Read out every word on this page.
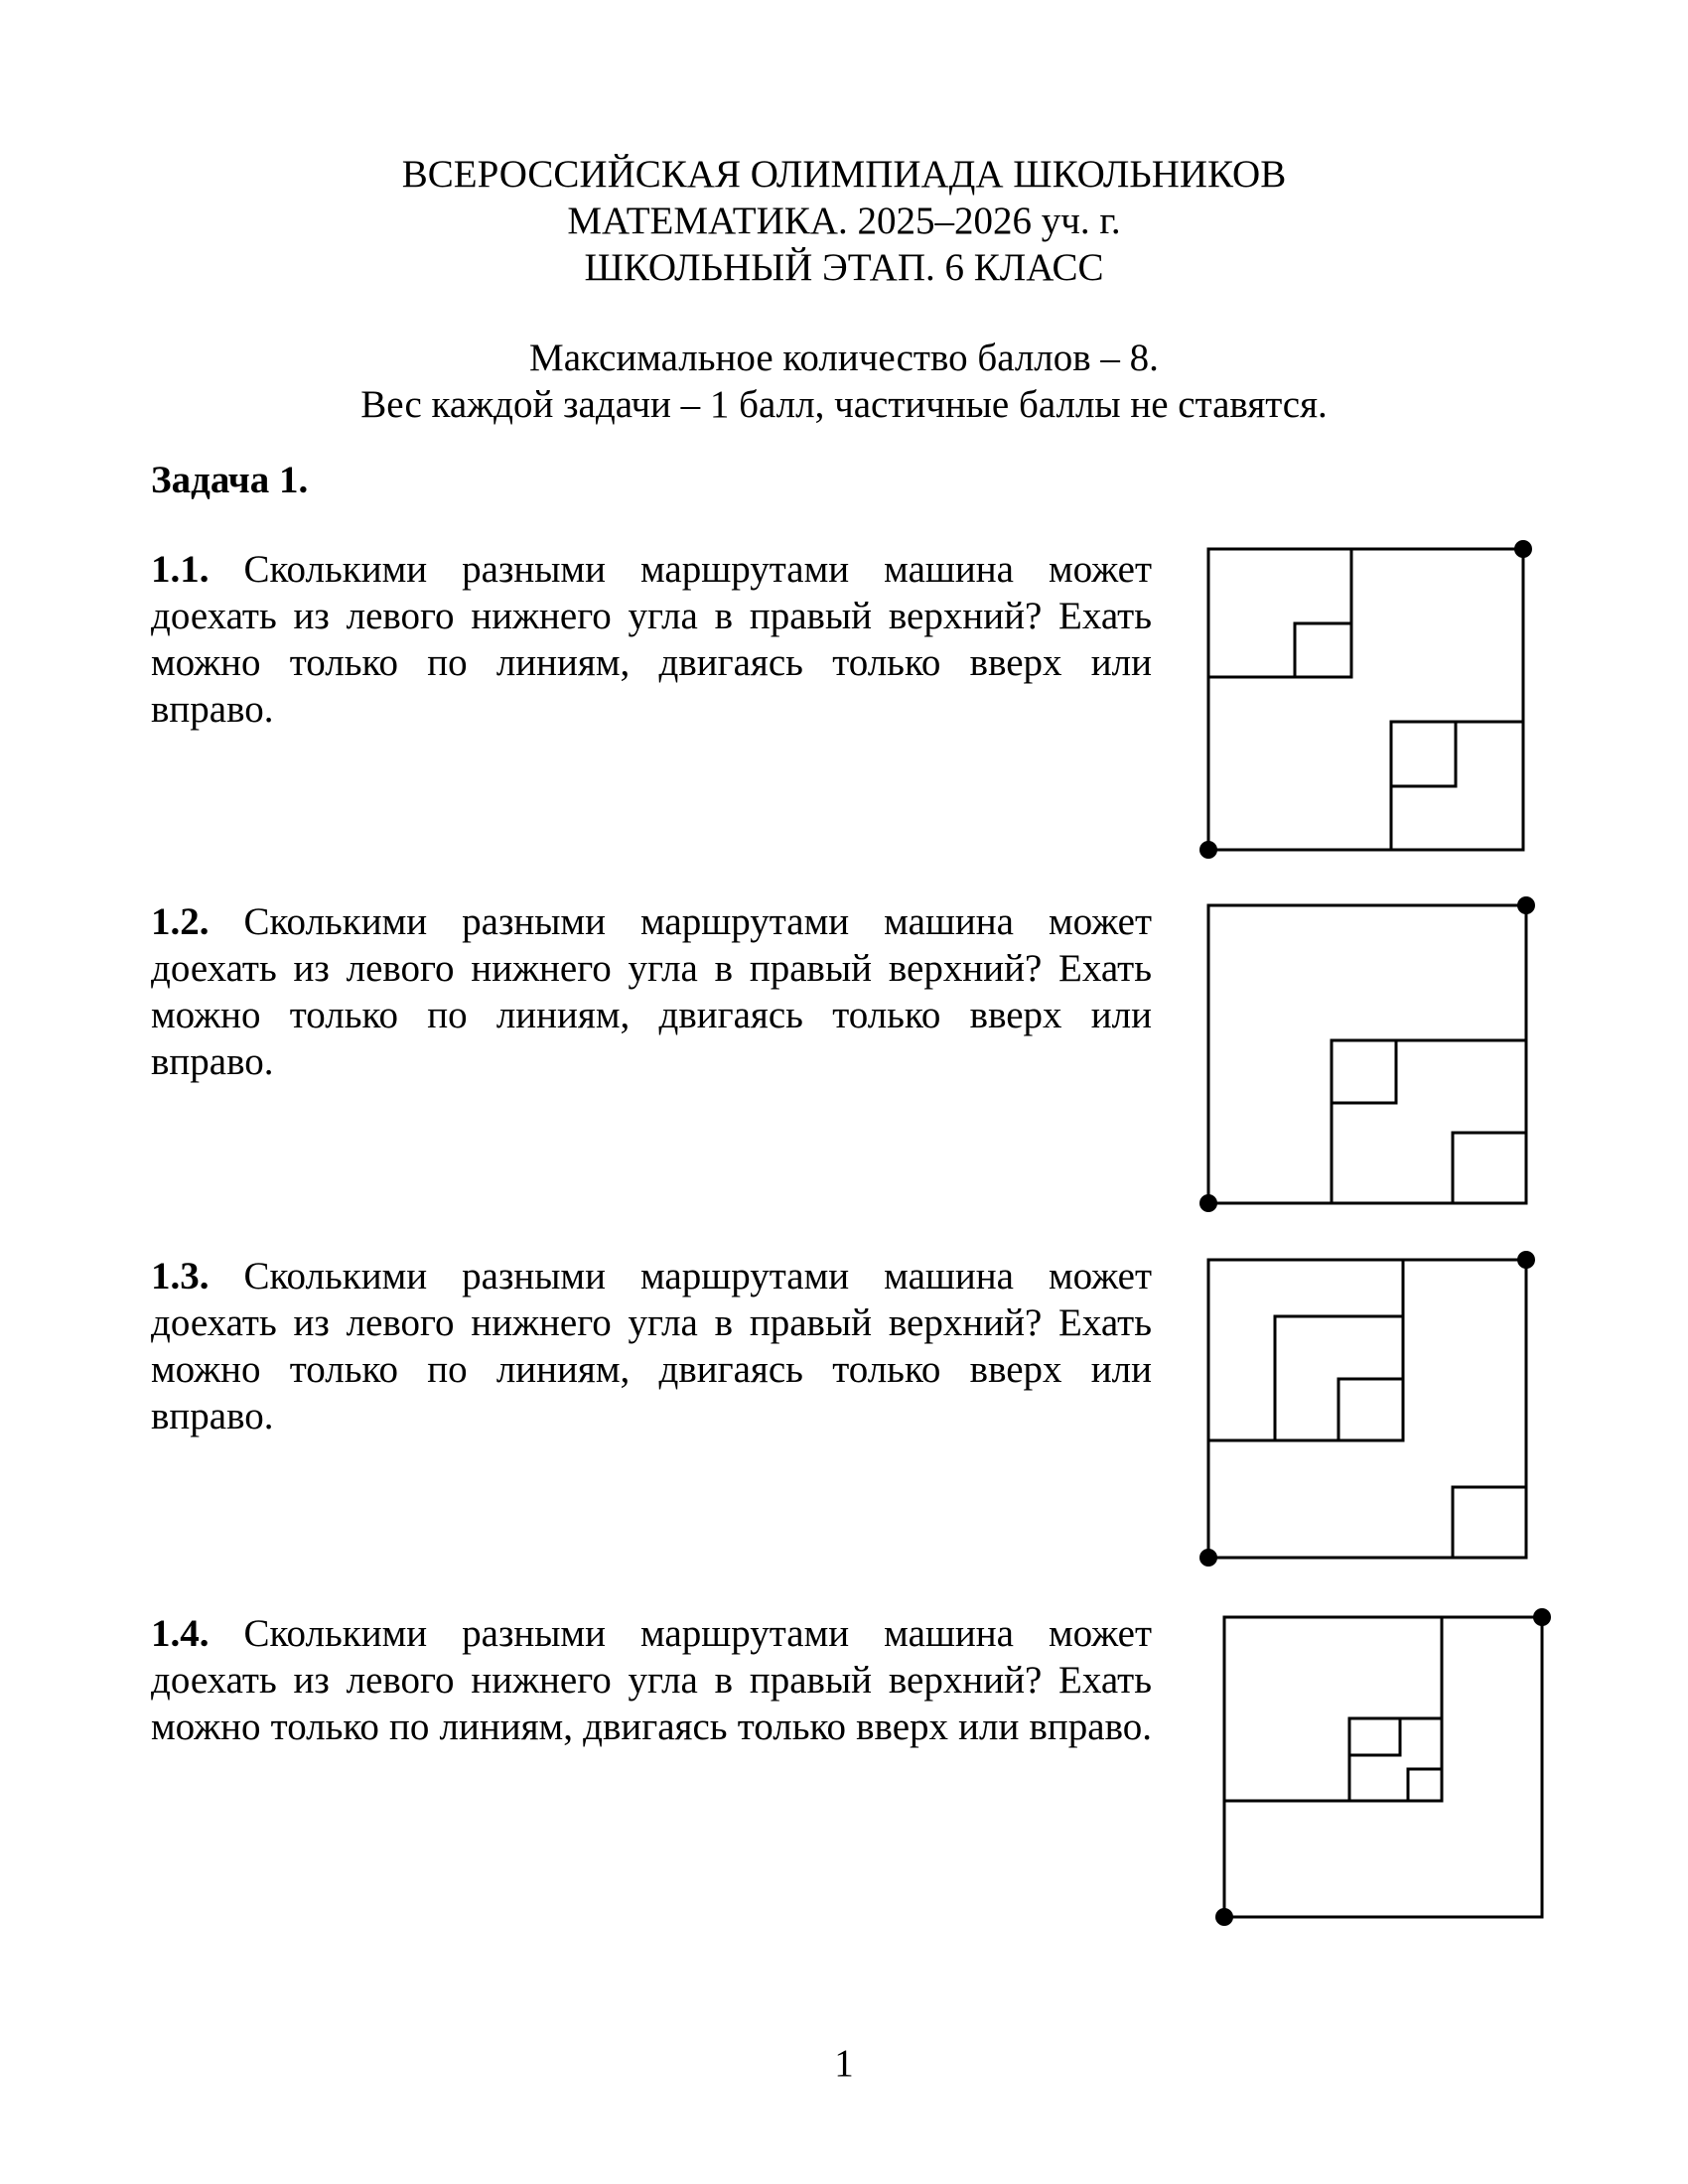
ВСЕРОССИЙСКАЯ ОЛИМПИАДА ШКОЛЬНИКОВ
МАТЕМАТИКА. 2025–2026 уч. г.
ШКОЛЬНЫЙ ЭТАП. 6 КЛАСС
Максимальное количество баллов – 8.
Вес каждой задачи – 1 балл, частичные баллы не ставятся.
Задача 1.
1.1. Сколькими разными маршрутами машина может
доехать из левого нижнего угла в правый верхний? Ехать
можно только по линиям, двигаясь только вверх или
вправо.
1.2. Сколькими разными маршрутами машина может
доехать из левого нижнего угла в правый верхний? Ехать
можно только по линиям, двигаясь только вверх или
вправо.
1.3. Сколькими разными маршрутами машина может
доехать из левого нижнего угла в правый верхний? Ехать
можно только по линиям, двигаясь только вверх или
вправо.
1.4. Сколькими разными маршрутами машина может
доехать из левого нижнего угла в правый верхний? Ехать
можно только по линиям, двигаясь только вверх или вправо.
1
